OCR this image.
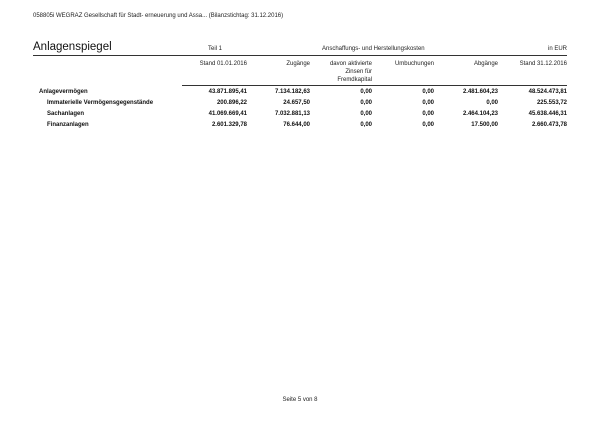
058805i WEGRAZ Gesellschaft für Stadt- erneuerung und Assa... (Bilanzstichtag: 31.12.2016)
Anlagenspiegel	Teil 1	Anschaffungs- und Herstellungskosten	in EUR
Stand 01.01.2016	Zugänge	davon aktivierte
Zinsen für
Fremdkapital
Umbuchungen	Abgänge	Stand 31.12.2016
Anlagevermögen	43.871.895,41	7.134.182,63	0,00	0,00	2.481.604,23	48.524.473,81
Immaterielle Vermögensgegenstände	200.896,22	24.657,50	0,00	0,00	0,00	225.553,72
Sachanlagen	41.069.669,41	7.032.881,13	0,00	0,00	2.464.104,23	45.638.446,31
Finanzanlagen	2.601.329,78	76.644,00	0,00	0,00	17.500,00	2.660.473,78
Seite 5 von 8
